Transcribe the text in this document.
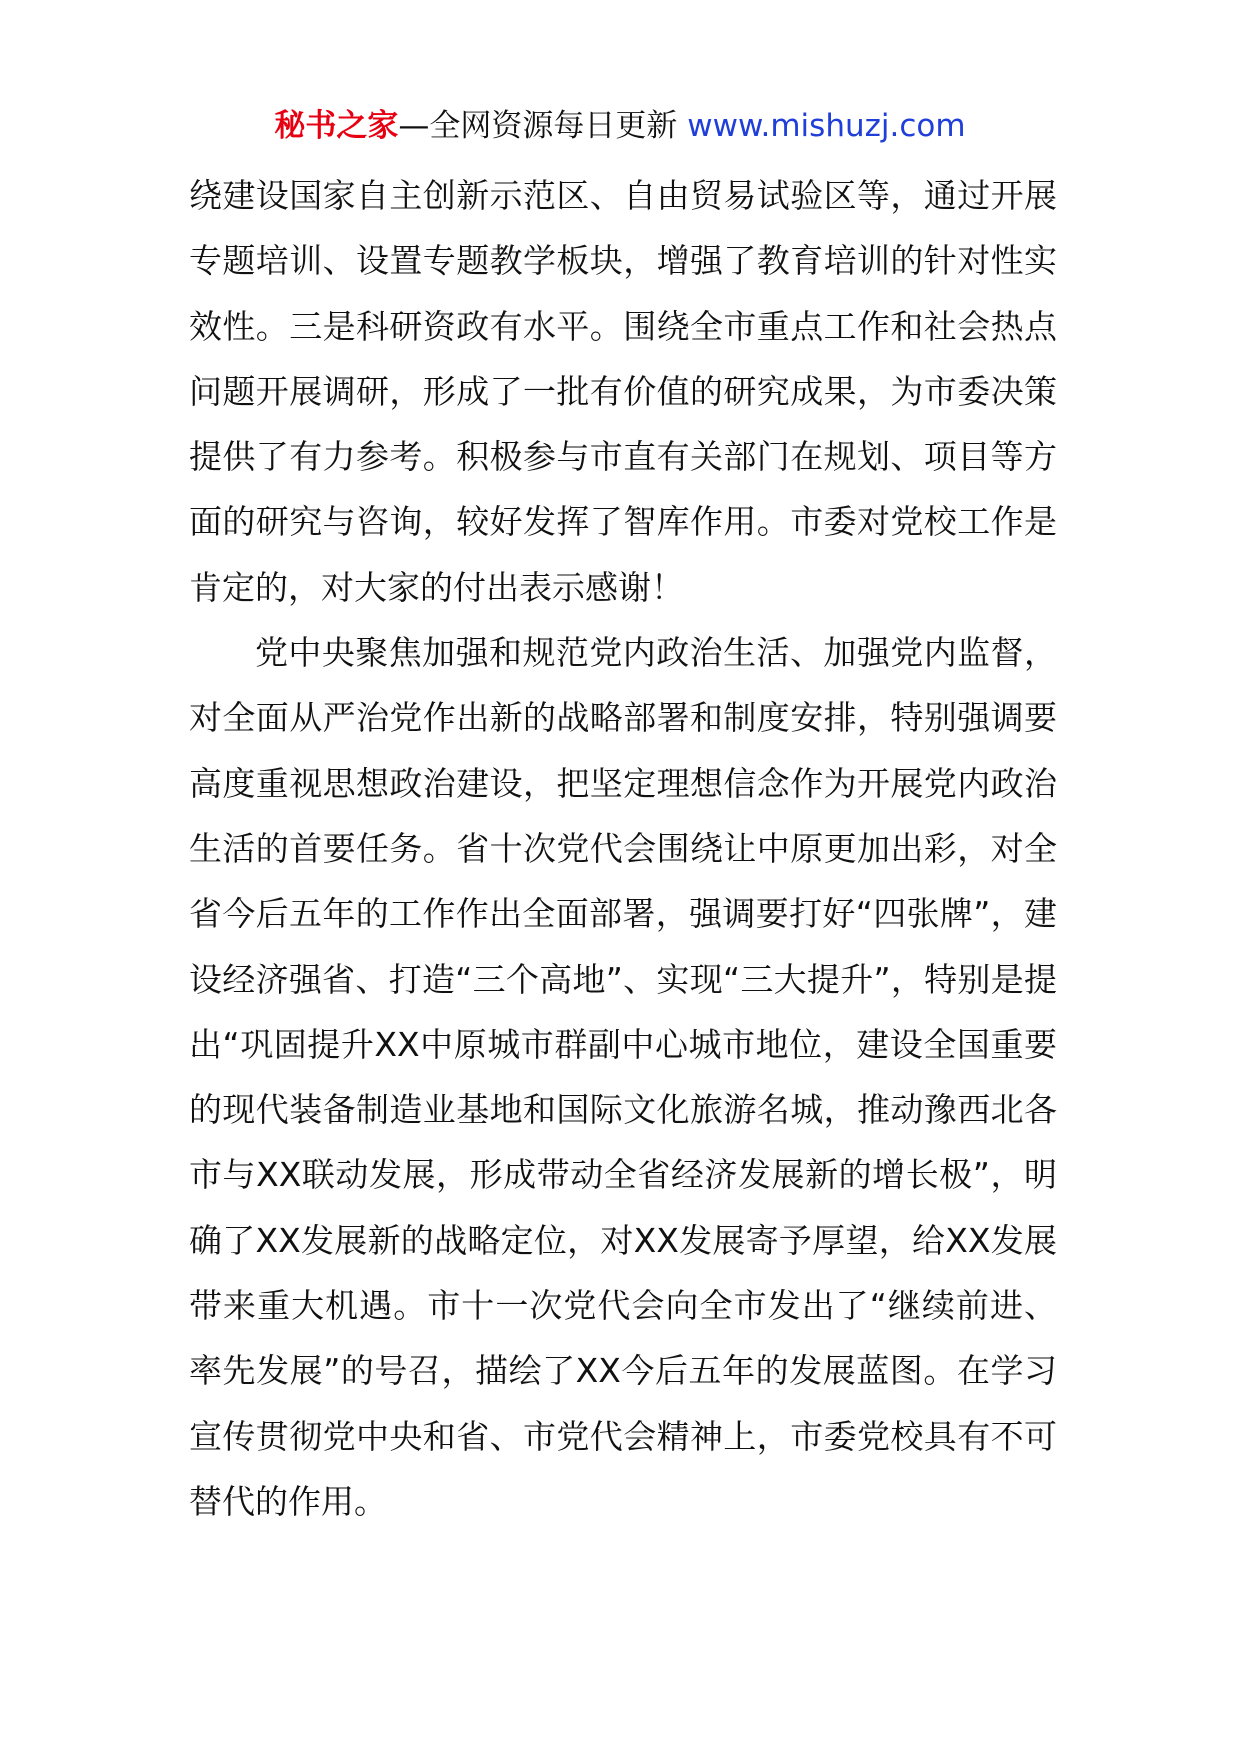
秘书之家—全网资源每日更新 www.mishuzj.com

绕建设国家自主创新示范区、自由贸易试验区等，通过开展专题培训、设置专题教学板块，增强了教育培训的针对性实效性。三是科研资政有水平。围绕全市重点工作和社会热点问题开展调研，形成了一批有价值的研究成果，为市委决策提供了有力参考。积极参与市直有关部门在规划、项目等方面的研究与咨询，较好发挥了智库作用。市委对党校工作是肯定的，对大家的付出表示感谢！

党中央聚焦加强和规范党内政治生活、加强党内监督，对全面从严治党作出新的战略部署和制度安排，特别强调要高度重视思想政治建设，把坚定理想信念作为开展党内政治生活的首要任务。省十次党代会围绕让中原更加出彩，对全省今后五年的工作作出全面部署，强调要打好“四张牌”，建设经济强省、打造“三个高地”、实现“三大提升”，特别是提出“巩固提升XX中原城市群副中心城市地位，建设全国重要的现代装备制造业基地和国际文化旅游名城，推动豫西北各市与XX联动发展，形成带动全省经济发展新的增长极”，明确了XX发展新的战略定位，对XX发展寄予厚望，给XX发展带来重大机遇。市十一次党代会向全市发出了“继续前进、率先发展”的号召，描绘了XX今后五年的发展蓝图。在学习宣传贯彻党中央和省、市党代会精神上，市委党校具有不可替代的作用。
